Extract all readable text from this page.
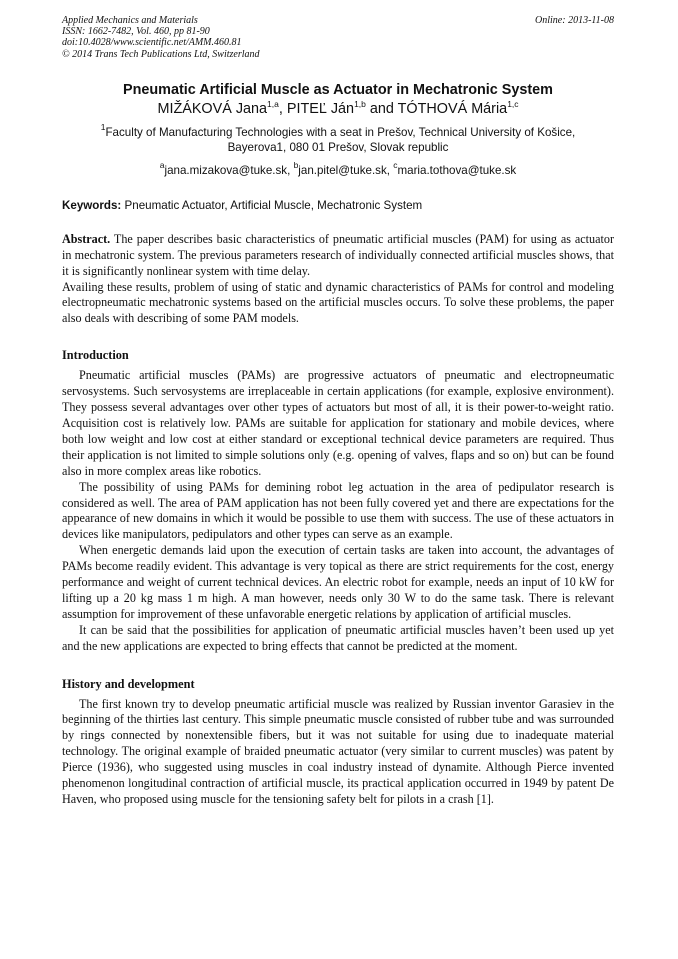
Applied Mechanics and Materials
ISSN: 1662-7482, Vol. 460, pp 81-90
doi:10.4028/www.scientific.net/AMM.460.81
© 2014 Trans Tech Publications Ltd, Switzerland
Online: 2013-11-08
Pneumatic Artificial Muscle as Actuator in Mechatronic System
MIŽÁKOVÁ Jana$^{1,a}$, PITEĽ Ján$^{1,b}$ and TÓTHOVÁ Mária$^{1,c}$
$^1$Faculty of Manufacturing Technologies with a seat in Prešov, Technical University of Košice,
Bayerova1, 080 01 Prešov, Slovak republic
$^a$jana.mizakova@tuke.sk, $^b$jan.pitel@tuke.sk, $^c$maria.tothova@tuke.sk
Keywords: Pneumatic Actuator, Artificial Muscle, Mechatronic System

Abstract. The paper describes basic characteristics of pneumatic artificial muscles (PAM) for using as actuator in mechatronic system. The previous parameters research of individually connected artificial muscles shows, that it is significantly nonlinear system with time delay.

Availing these results, problem of using of static and dynamic characteristics of PAMs for control and modeling electropneumatic mechatronic systems based on the artificial muscles occurs. To solve these problems, the paper also deals with describing of some PAM models.

Introduction

Pneumatic artificial muscles (PAMs) are progressive actuators of pneumatic and electropneumatic servosystems. Such servosystems are irreplaceable in certain applications (for example, explosive environment). They possess several advantages over other types of actuators but most of all, it is their power-to-weight ratio. Acquisition cost is relatively low. PAMs are suitable for application for stationary and mobile devices, where both low weight and low cost at either standard or exceptional technical device parameters are required. Thus their application is not limited to simple solutions only (e.g. opening of valves, flaps and so on) but can be found also in more complex areas like robotics.

The possibility of using PAMs for demining robot leg actuation in the area of pedipulator research is considered as well. The area of PAM application has not been fully covered yet and there are expectations for the appearance of new domains in which it would be possible to use them with success. The use of these actuators in devices like manipulators, pedipulators and other types can serve as an example.

When energetic demands laid upon the execution of certain tasks are taken into account, the advantages of PAMs become readily evident. This advantage is very topical as there are strict requirements for the cost, energy performance and weight of current technical devices. An electric robot for example, needs an input of 10 kW for lifting up a 20 kg mass 1 m high. A man however, needs only 30 W to do the same task. There is relevant assumption for improvement of these unfavorable energetic relations by application of artificial muscles.

It can be said that the possibilities for application of pneumatic artificial muscles haven’t been used up yet and the new applications are expected to bring effects that cannot be predicted at the moment.

History and development

The first known try to develop pneumatic artificial muscle was realized by Russian inventor Garasiev in the beginning of the thirties last century. This simple pneumatic muscle consisted of rubber tube and was surrounded by rings connected by nonextensible fibers, but it was not suitable for using due to inadequate material technology. The original example of braided pneumatic actuator (very similar to current muscles) was patent by Pierce (1936), who suggested using muscles in coal industry instead of dynamite. Although Pierce invented phenomenon longitudinal contraction of artificial muscle, its practical application occurred in 1949 by patent De Haven, who proposed using muscle for the tensioning safety belt for pilots in a crash [1].
